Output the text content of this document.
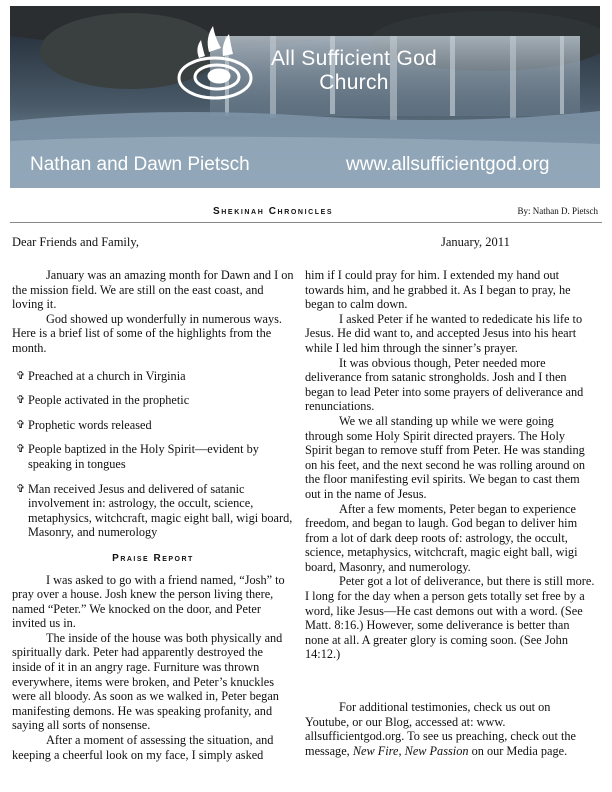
All Sufficient God
Church
Nathan and Dawn Pietsch	www.allsufficientgod.org
Shekinah Chronicles	By: Nathan D. Pietsch
Dear Friends and Family,	January, 2011

January was an amazing month for Dawn and I on the mission field. We are still on the east coast, and loving it.

God showed up wonderfully in numerous ways. Here is a brief list of some of the highlights from the month.

✞ Preached at a church in Virginia
✞ People activated in the prophetic
✞ Prophetic words released
✞ People baptized in the Holy Spirit—evident by speaking in tongues
✞ Man received Jesus and delivered of satanic involvement in: astrology, the occult, science, metaphysics, witchcraft, magic eight ball, wigi board, Masonry, and numerology
Praise Report

I was asked to go with a friend named, “Josh” to pray over a house. Josh knew the person living there, named “Peter.” We knocked on the door, and Peter invited us in.

The inside of the house was both physically and spiritually dark. Peter had apparently destroyed the inside of it in an angry rage. Furniture was thrown everywhere, items were broken, and Peter’s knuckles were all bloody. As soon as we walked in, Peter began manifesting demons. He was speaking profanity, and saying all sorts of nonsense.

After a moment of assessing the situation, and keeping a cheerful look on my face, I simply asked

him if I could pray for him. I extended my hand out towards him, and he grabbed it. As I began to pray, he began to calm down.

I asked Peter if he wanted to rededicate his life to Jesus. He did want to, and accepted Jesus into his heart while I led him through the sinner’s prayer.

It was obvious though, Peter needed more deliverance from satanic strongholds. Josh and I then began to lead Peter into some prayers of deliverance and renunciations.

We we all standing up while we were going through some Holy Spirit directed prayers. The Holy Spirit began to remove stuff from Peter. He was standing on his feet, and the next second he was rolling around on the floor manifesting evil spirits. We began to cast them out in the name of Jesus.

After a few moments, Peter began to experience freedom, and began to laugh. God began to deliver him from a lot of dark deep roots of: astrology, the occult, science, metaphysics, witchcraft, magic eight ball, wigi board, Masonry, and numerology.

Peter got a lot of deliverance, but there is still more. I long for the day when a person gets totally set free by a word, like Jesus—He cast demons out with a word. (See Matt. 8:16.) However, some deliverance is better than none at all. A greater glory is coming soon. (See John 14:12.)

For additional testimonies, check us out on Youtube, or our Blog, accessed at: www. allsufficientgod.org. To see us preaching, check out the message, New Fire, New Passion on our Media page.
